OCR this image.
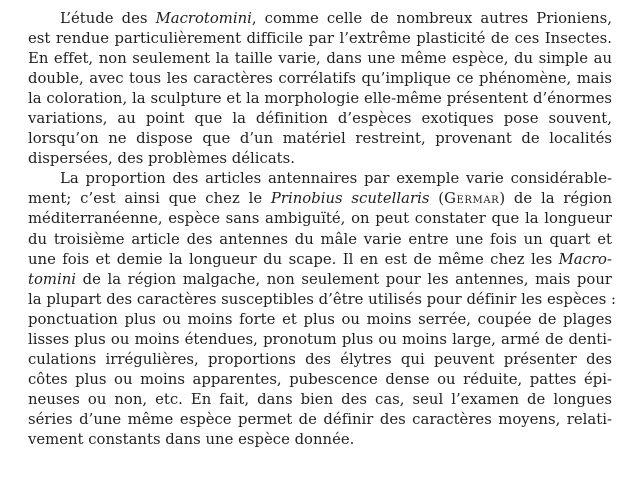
L’étude des Macrotomini, comme celle de nombreux autres Prioniens,
est rendue particulièrement difficile par l’extrême plasticité de ces Insectes.
En effet, non seulement la taille varie, dans une même espèce, du simple au
double, avec tous les caractères corrélatifs qu’implique ce phénomène, mais
la coloration, la sculpture et la morphologie elle-même présentent d’énormes
variations, au point que la définition d’espèces exotiques pose souvent,
lorsqu’on ne dispose que d’un matériel restreint, provenant de localités
dispersées, des problèmes délicats.
La proportion des articles antennaires par exemple varie considérable-
ment; c’est ainsi que chez le Prinobius scutellaris (Germar) de la région
méditerranéenne, espèce sans ambiguïté, on peut constater que la longueur
du troisième article des antennes du mâle varie entre une fois un quart et
une fois et demie la longueur du scape. Il en est de même chez les Macro-
tomini de la région malgache, non seulement pour les antennes, mais pour
la plupart des caractères susceptibles d’être utilisés pour définir les espèces :
ponctuation plus ou moins forte et plus ou moins serrée, coupée de plages
lisses plus ou moins étendues, pronotum plus ou moins large, armé de denti-
culations irrégulières, proportions des élytres qui peuvent présenter des
côtes plus ou moins apparentes, pubescence dense ou réduite, pattes épi-
neuses ou non, etc. En fait, dans bien des cas, seul l’examen de longues
séries d’une même espèce permet de définir des caractères moyens, relati-
vement constants dans une espèce donnée.
